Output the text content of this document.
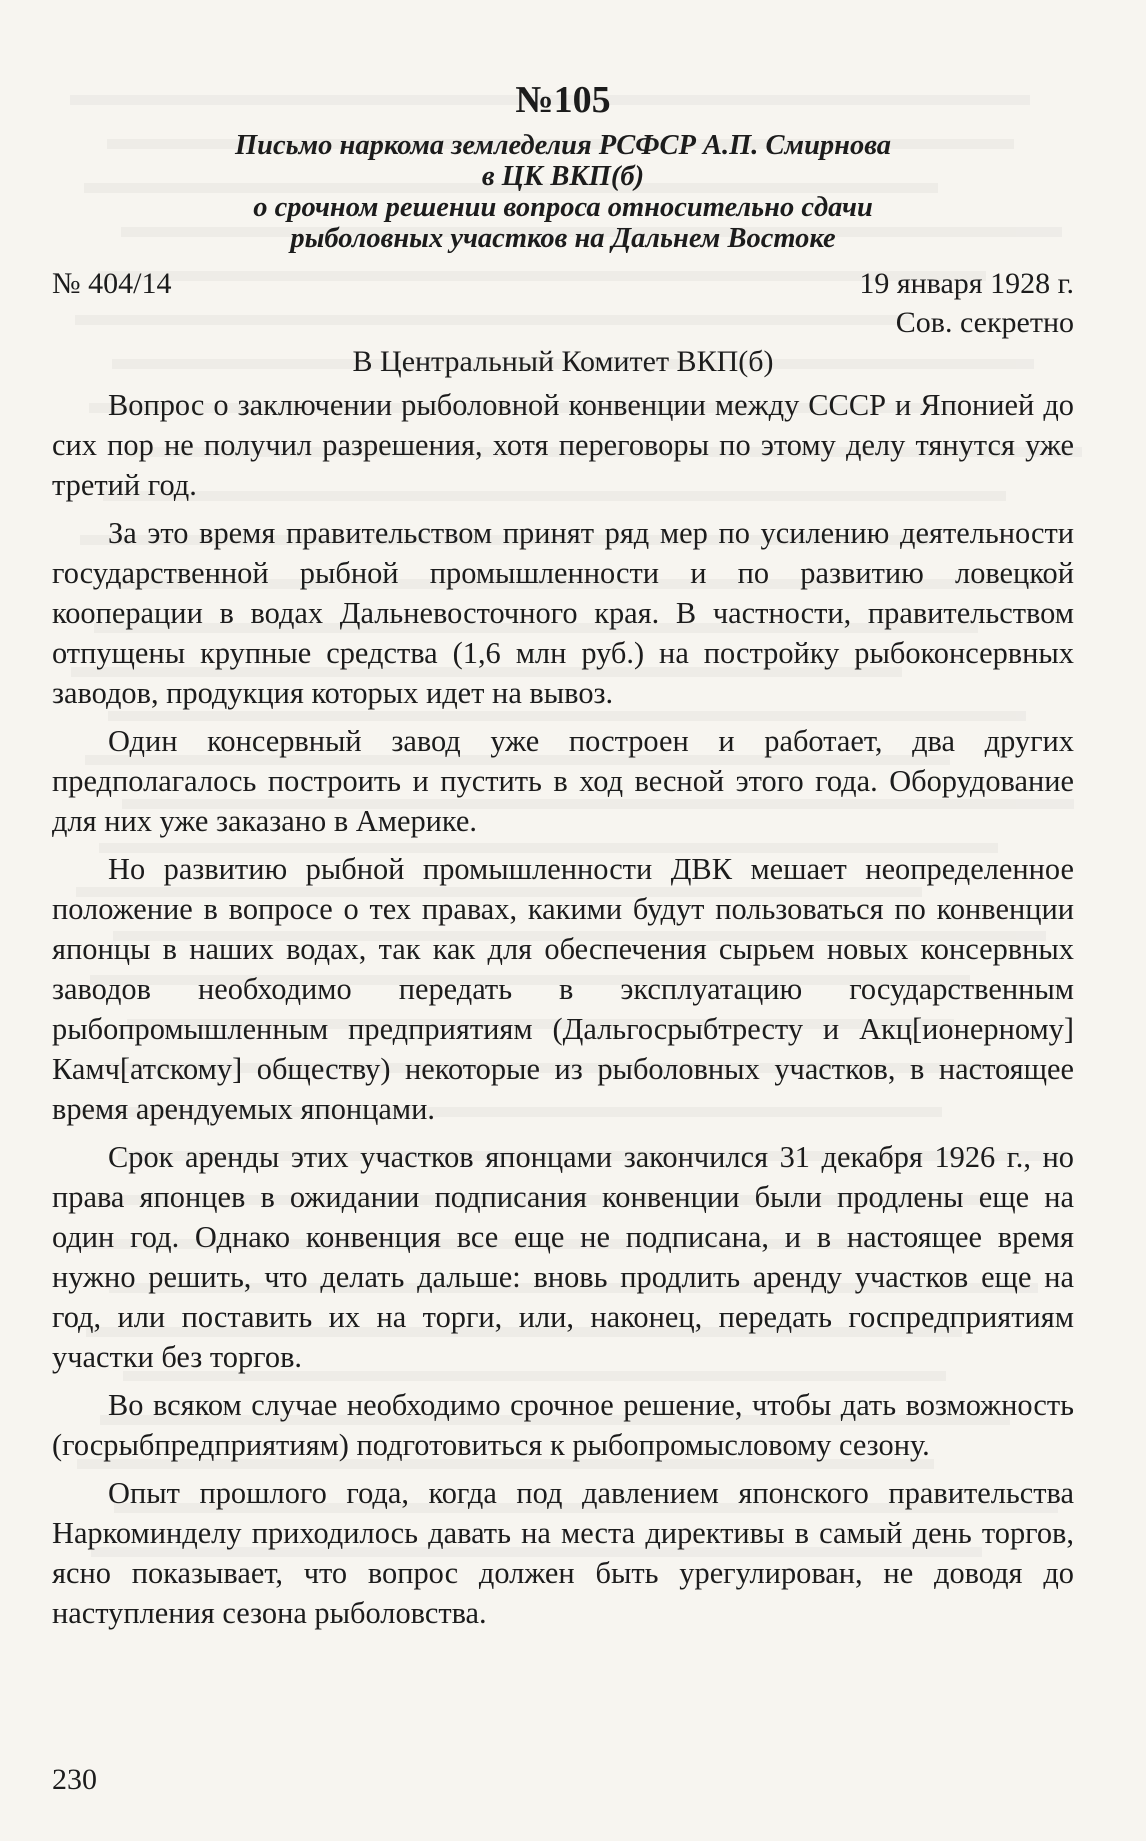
№105
Письмо наркома земледелия РСФСР А.П. Смирнова
в ЦК ВКП(б)
о срочном решении вопроса относительно сдачи
рыболовных участков на Дальнем Востоке
№ 404/14	19 января 1928 г.
Сов. секретно
В Центральный Комитет ВКП(б)

Вопрос о заключении рыболовной конвенции между СССР и Японией до сих пор не получил разрешения, хотя переговоры по этому делу тянутся уже третий год.

За это время правительством принят ряд мер по усилению деятельности государственной рыбной промышленности и по развитию ловецкой кооперации в водах Дальневосточного края. В частности, правительством отпущены крупные средства (1,6 млн руб.) на постройку рыбоконсервных заводов, продукция которых идет на вывоз.

Один консервный завод уже построен и работает, два других предполагалось построить и пустить в ход весной этого года. Оборудование для них уже заказано в Америке.

Но развитию рыбной промышленности ДВК мешает неопределенное положение в вопросе о тех правах, какими будут пользоваться по конвенции японцы в наших водах, так как для обеспечения сырьем новых консервных заводов необходимо передать в эксплуатацию государственным рыбопромышленным предприятиям (Дальгосрыбтресту и Акц[ионерному] Камч[атскому] обществу) некоторые из рыболовных участков, в настоящее время арендуемых японцами.

Срок аренды этих участков японцами закончился 31 декабря 1926 г., но права японцев в ожидании подписания конвенции были продлены еще на один год. Однако конвенция все еще не подписана, и в настоящее время нужно решить, что делать дальше: вновь продлить аренду участков еще на год, или поставить их на торги, или, наконец, передать госпредприятиям участки без торгов.

Во всяком случае необходимо срочное решение, чтобы дать возможность (госрыбпредприятиям) подготовиться к рыбопромысловому сезону.

Опыт прошлого года, когда под давлением японского правительства Наркоминделу приходилось давать на места директивы в самый день торгов, ясно показывает, что вопрос должен быть урегулирован, не доводя до наступления сезона рыболовства.

230
